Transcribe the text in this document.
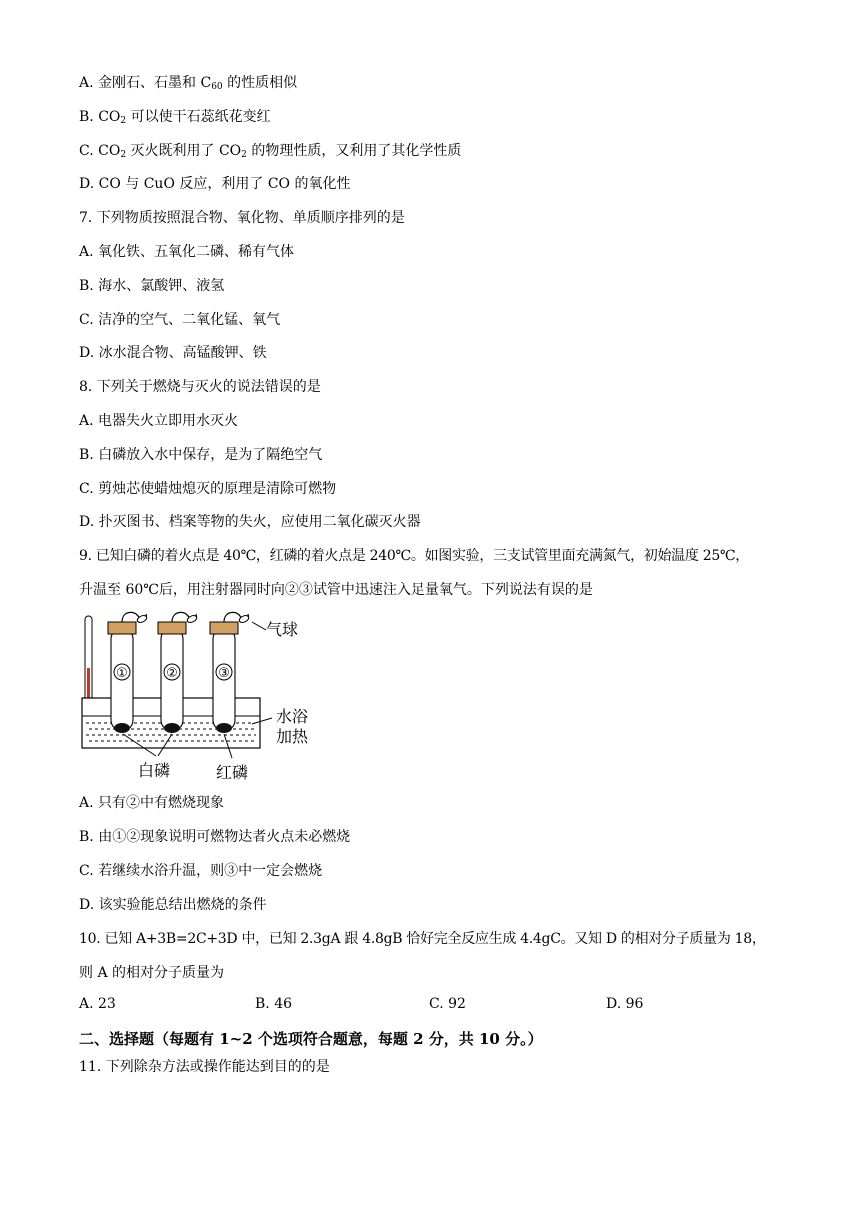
A. 金刚石、石墨和 $C_{60}$ 的性质相似
B. $CO_2$ 可以使干石蕊纸花变红
C. $CO_2$ 灭火既利用了 $CO_2$ 的物理性质，又利用了其化学性质
D. CO 与 CuO 反应，利用了 CO 的氧化性
7. 下列物质按照混合物、氧化物、单质顺序排列的是
A. 氧化铁、五氧化二磷、稀有气体
B. 海水、氯酸钾、液氢
C. 洁净的空气、二氧化锰、氧气
D. 冰水混合物、高锰酸钾、铁
8. 下列关于燃烧与灭火的说法错误的是
A. 电器失火立即用水灭火
B. 白磷放入水中保存，是为了隔绝空气
C. 剪烛芯使蜡烛熄灭的原理是清除可燃物
D. 扑灭图书、档案等物的失火，应使用二氧化碳灭火器
9. 已知白磷的着火点是 40℃，红磷的着火点是 240℃。如图实验，三支试管里面充满氮气，初始温度 25℃，
升温至 60℃后，用注射器同时向②③试管中迅速注入足量氧气。下列说法有误的是
①	②	③
气球
水浴
加热
白磷	红磷
A. 只有②中有燃烧现象
B. 由①②现象说明可燃物达者火点未必燃烧
C. 若继续水浴升温，则③中一定会燃烧
D. 该实验能总结出燃烧的条件
10. 已知 A+3B=2C+3D 中，已知 2.3gA 跟 4.8gB 恰好完全反应生成 4.4gC。又知 D 的相对分子质量为 18，
则 A 的相对分子质量为
A. 23	B. 46	C. 92	D. 96
二、选择题（每题有 1~2 个选项符合题意，每题 2 分，共 10 分。）
11. 下列除杂方法或操作能达到目的的是
